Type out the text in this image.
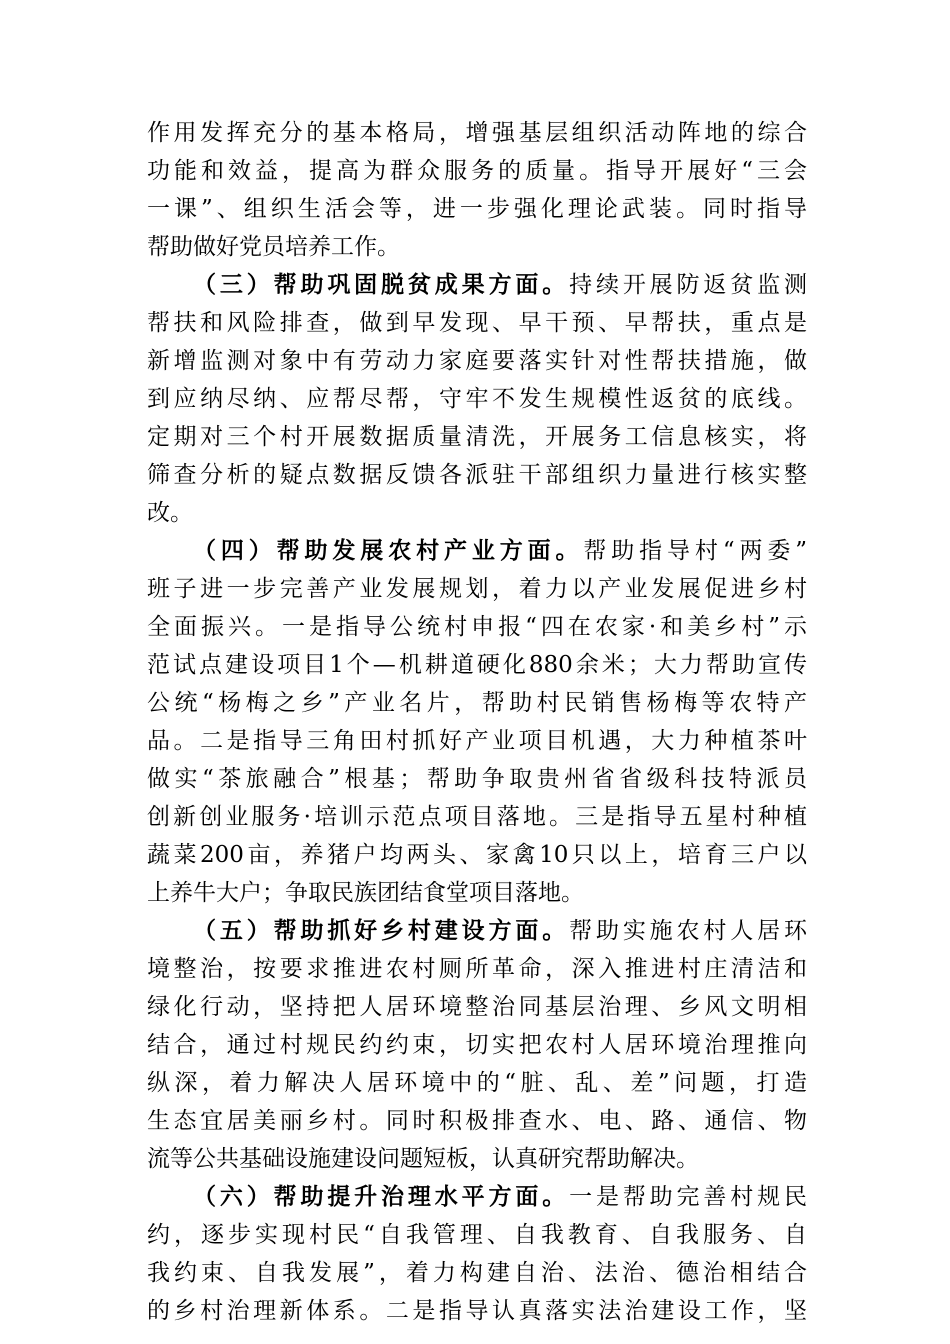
作用发挥充分的基本格局，增强基层组织活动阵地的综合
功能和效益，提高为群众服务的质量。指导开展好“三会
一课”、组织生活会等，进一步强化理论武装。同时指导
帮助做好党员培养工作。
（三）帮助巩固脱贫成果方面。持续开展防返贫监测
帮扶和风险排查，做到早发现、早干预、早帮扶，重点是
新增监测对象中有劳动力家庭要落实针对性帮扶措施，做
到应纳尽纳、应帮尽帮，守牢不发生规模性返贫的底线。
定期对三个村开展数据质量清洗，开展务工信息核实，将
筛查分析的疑点数据反馈各派驻干部组织力量进行核实整
改。
（四）帮助发展农村产业方面。帮助指导村“两委”
班子进一步完善产业发展规划，着力以产业发展促进乡村
全面振兴。一是指导公统村申报“四在农家·和美乡村”示
范试点建设项目1个—机耕道硬化880余米；大力帮助宣传
公统“杨梅之乡”产业名片，帮助村民销售杨梅等农特产
品。二是指导三角田村抓好产业项目机遇，大力种植茶叶
做实“茶旅融合”根基；帮助争取贵州省省级科技特派员
创新创业服务·培训示范点项目落地。三是指导五星村种植
蔬菜200亩，养猪户均两头、家禽10只以上，培育三户以
上养牛大户；争取民族团结食堂项目落地。
（五）帮助抓好乡村建设方面。帮助实施农村人居环
境整治，按要求推进农村厕所革命，深入推进村庄清洁和
绿化行动，坚持把人居环境整治同基层治理、乡风文明相
结合，通过村规民约约束，切实把农村人居环境治理推向
纵深，着力解决人居环境中的“脏、乱、差”问题，打造
生态宜居美丽乡村。同时积极排查水、电、路、通信、物
流等公共基础设施建设问题短板，认真研究帮助解决。
（六）帮助提升治理水平方面。一是帮助完善村规民
约，逐步实现村民“自我管理、自我教育、自我服务、自
我约束、自我发展”，着力构建自治、法治、德治相结合
的乡村治理新体系。二是指导认真落实法治建设工作，坚
